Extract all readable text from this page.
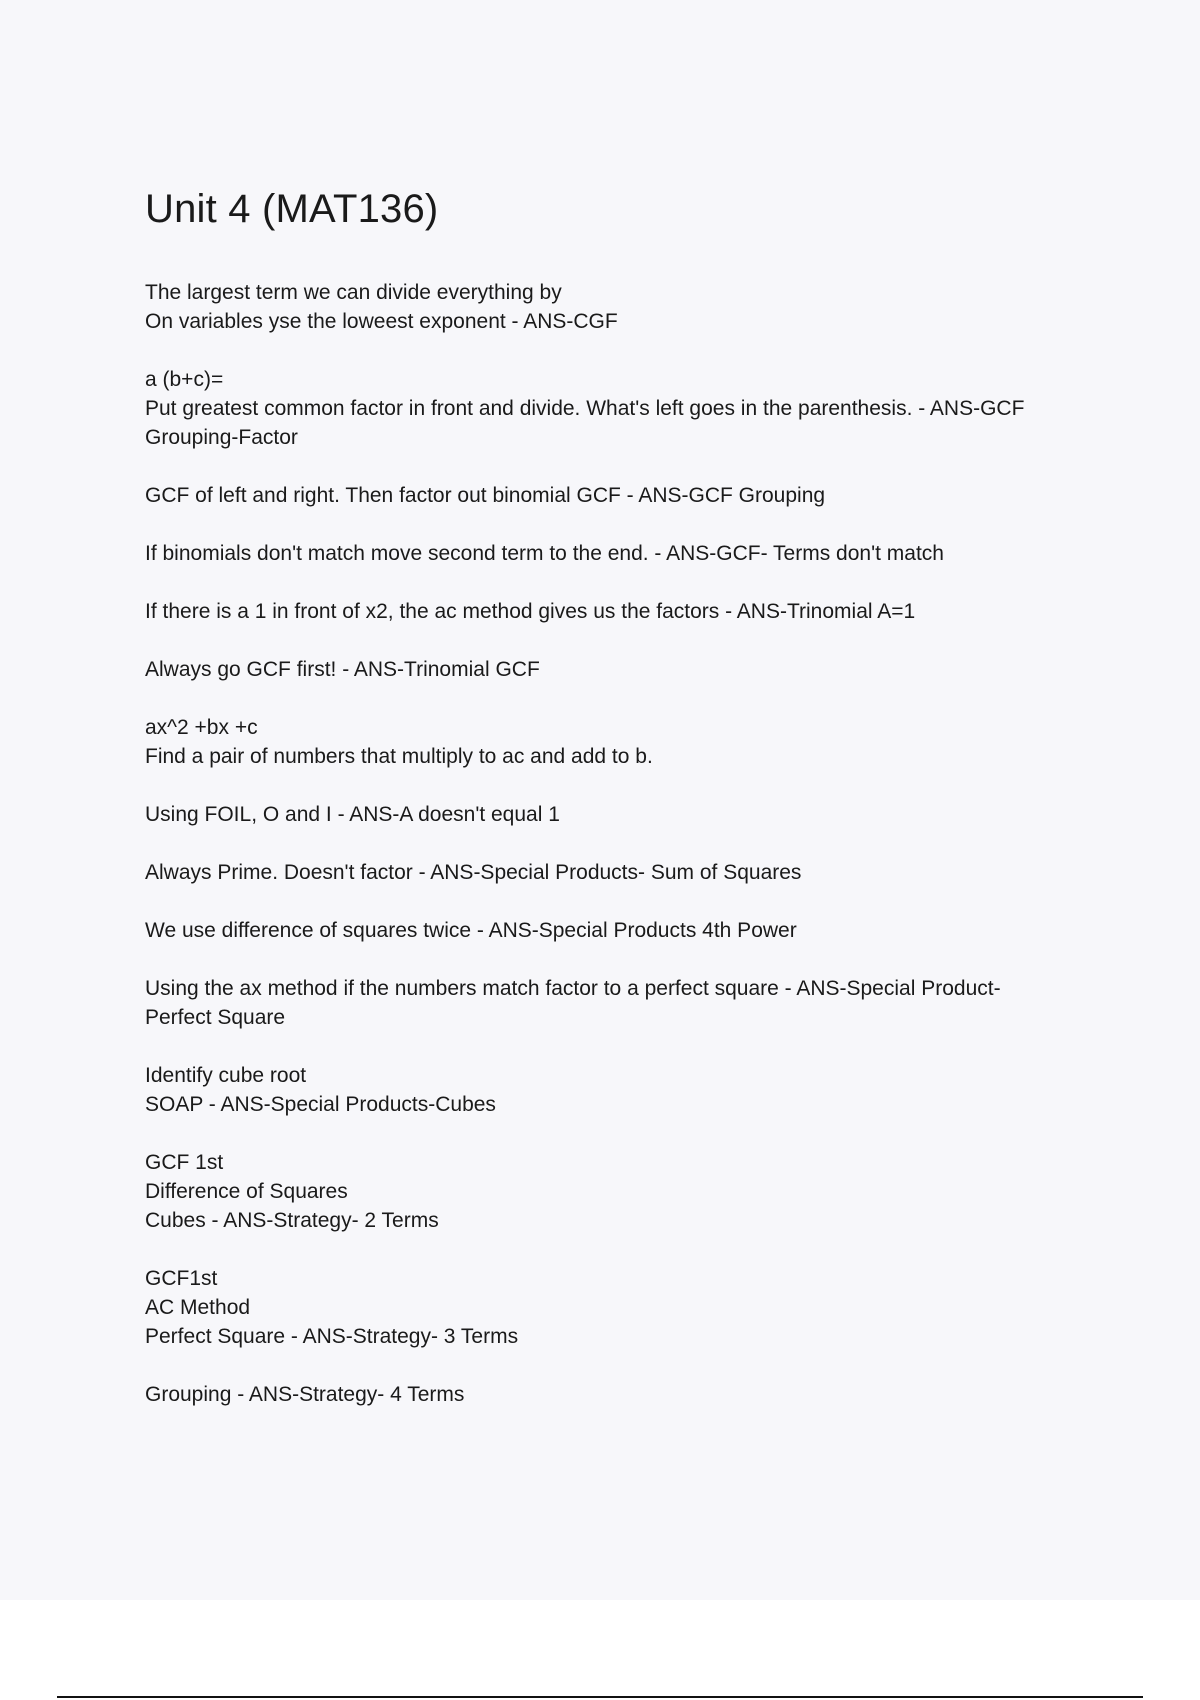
Unit 4 (MAT136)

The largest term we can divide everything by
On variables yse the loweest exponent - ANS-CGF

a (b+c)=
Put greatest common factor in front and divide. What's left goes in the parenthesis. - ANS-GCF
Grouping-Factor

GCF of left and right. Then factor out binomial GCF - ANS-GCF Grouping

If binomials don't match move second term to the end. - ANS-GCF- Terms don't match

If there is a 1 in front of x2, the ac method gives us the factors - ANS-Trinomial A=1

Always go GCF first! - ANS-Trinomial GCF

ax^2 +bx +c
Find a pair of numbers that multiply to ac and add to b.

Using FOIL, O and I - ANS-A doesn't equal 1

Always Prime. Doesn't factor - ANS-Special Products- Sum of Squares

We use difference of squares twice - ANS-Special Products 4th Power

Using the ax method if the numbers match factor to a perfect square - ANS-Special Product-
Perfect Square

Identify cube root
SOAP - ANS-Special Products-Cubes

GCF 1st
Difference of Squares
Cubes - ANS-Strategy- 2 Terms

GCF1st
AC Method
Perfect Square - ANS-Strategy- 3 Terms

Grouping - ANS-Strategy- 4 Terms
